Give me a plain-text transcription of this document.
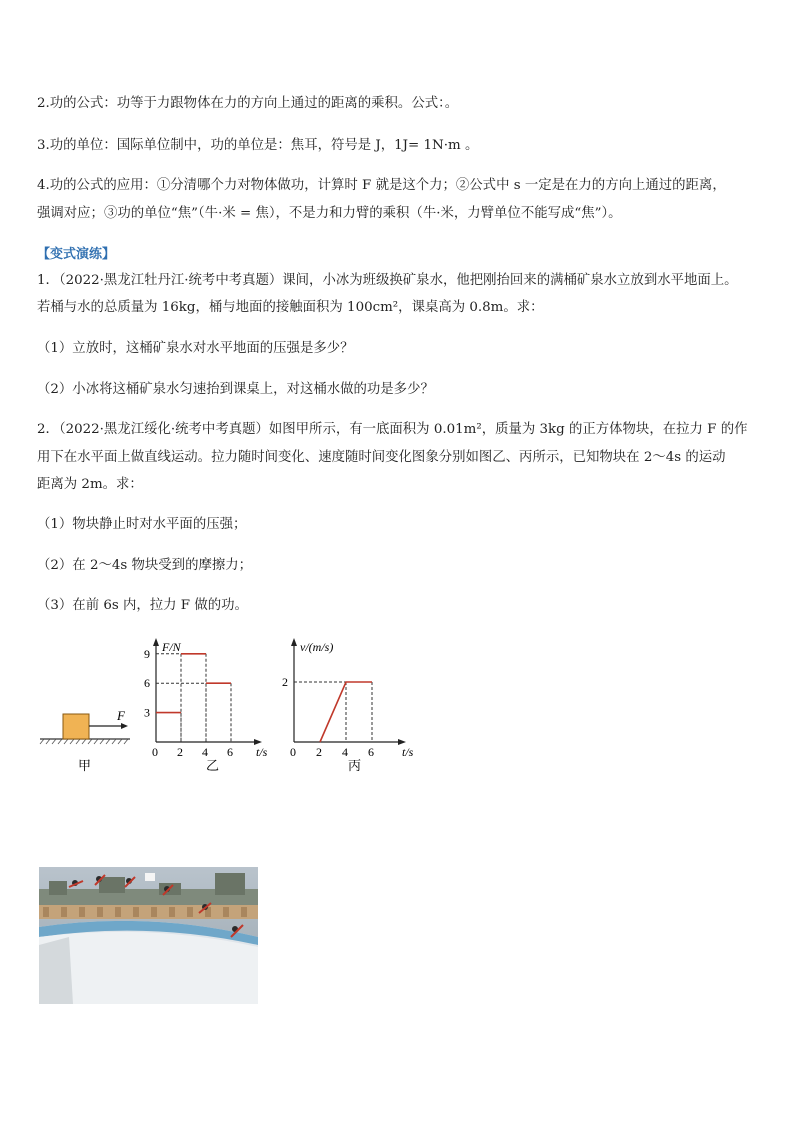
2.功的公式：功等于力跟物体在力的方向上通过的距离的乘积。公式：。
3.功的单位：国际单位制中，功的单位是：焦耳，符号是 J，1J= 1N·m 。
4.功的公式的应用：①分清哪个力对物体做功，计算时 F 就是这个力；②公式中 s 一定是在力的方向上通过的距离，
强调对应；③功的单位“焦”（牛·米 = 焦），不是力和力臂的乘积（牛·米，力臂单位不能写成“焦”）。
【变式演练】
1．（2022·黑龙江牡丹江·统考中考真题）课间，小冰为班级换矿泉水，他把刚抬回来的满桶矿泉水立放到水平地面上。
若桶与水的总质量为 16kg，桶与地面的接触面积为 100cm²，课桌高为 0.8m。求：
（1）立放时，这桶矿泉水对水平地面的压强是多少？
（2）小冰将这桶矿泉水匀速抬到课桌上，对这桶水做的功是多少？
2．（2022·黑龙江绥化·统考中考真题）如图甲所示，有一底面积为 0.01m²，质量为 3kg 的正方体物块，在拉力 F 的作
用下在水平面上做直线运动。拉力随时间变化、速度随时间变化图象分别如图乙、丙所示，已知物块在 2～4s 的运动
距离为 2m。求：
（1）物块静止时对水平面的压强；
（2）在 2～4s 物块受到的摩擦力；
（3）在前 6s 内，拉力 F 做的功。
F
甲
F/N
t/s
0 2 4 6
3
6
9
乙
v/(m/s)
t/s
0 2 4 6
2
丙
